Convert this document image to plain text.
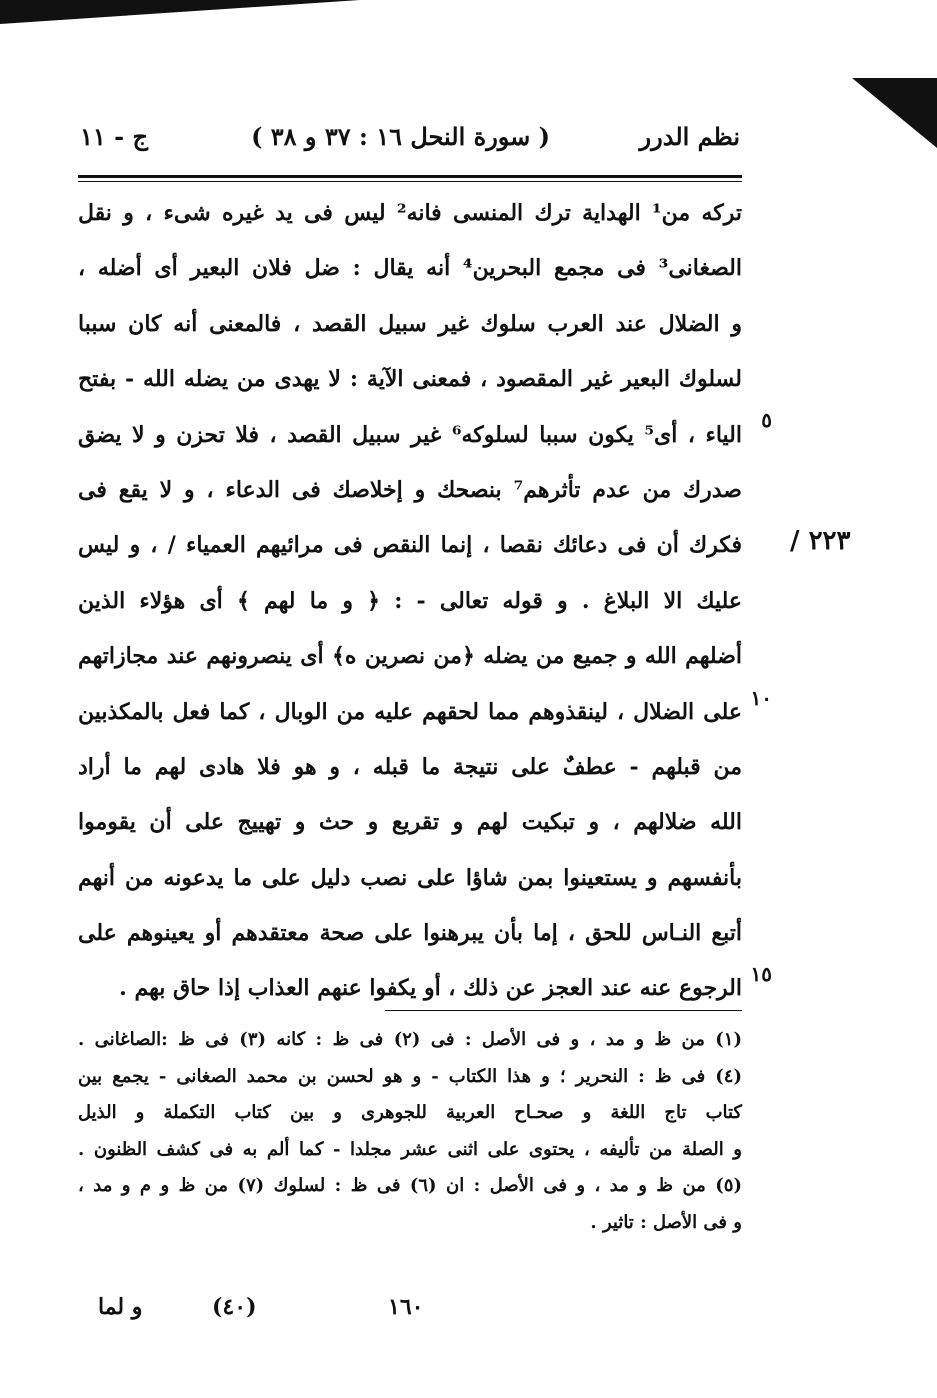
نظم الدرر
( سورة النحل ١٦ : ٣٧ و ٣٨ )
ج - ١١
تركه من¹ الهداية ترك المنسى فانه² ليس فى يد غيره شىء ، و نقل
الصغانى³ فى مجمع البحرين⁴ أنه يقال : ضل فلان البعير أى أضله ،
و الضلال عند العرب سلوك غير سبيل القصد ، فالمعنى أنه كان سببا
لسلوك البعير غير المقصود ، فمعنى الآية : لا يهدى من يضله الله - بفتح
الياء ، أى⁵ يكون سببا لسلوكه⁶ غير سبيل القصد ، فلا تحزن و لا يضق
صدرك من عدم تأثرهم⁷ بنصحك و إخلاصك فى الدعاء ، و لا يقع فى
فكرك أن فى دعائك نقصا ، إنما النقص فى مرائيهم العمياء / ، و ليس
عليك الا البلاغ . و قوله تعالى - : ﴿ و ما لهم ﴾ أى هؤلاء الذين
أضلهم الله و جميع من يضله ﴿من نصرين ه﴾ أى ينصرونهم عند مجازاتهم
على الضلال ، لينقذوهم مما لحقهم عليه من الوبال ، كما فعل بالمكذبين
من قبلهم - عطفٌ على نتيجة ما قبله ، و هو فلا هادى لهم ما أراد
الله ضلالهم ، و تبكيت لهم و تقريع و حث و تهييج على أن يقوموا
بأنفسهم و يستعينوا بمن شاؤا على نصب دليل على ما يدعونه من أنهم
أتبع النـاس للحق ، إما بأن يبرهنوا على صحة معتقدهم أو يعينوهم على
الرجوع عنه عند العجز عن ذلك ، أو يكفوا عنهم العذاب إذا حاق بهم .
٥
١٠
١٥
٢٢٣ /
(١) من ظ و مد ، و فى الأصل : فى (٢) فى ظ : كانه (٣) فى ظ :الصاغانى .
(٤) فى ظ : النحرير ؛ و هذا الكتاب - و هو لحسن بن محمد الصغانى - يجمع بين
كتاب تاج اللغة و صحـاح العربية للجوهرى و بين كتاب التكملة و الذيل
و الصلة من تأليفه ، يحتوى على اثنى عشر مجلدا - كما ألم به فى كشف الظنون .
(٥) من ظ و مد ، و فى الأصل : ان (٦) فى ظ : لسلوك (٧) من ظ و م و مد ،
و فى الأصل : تاثير .
١٦٠
(٤٠)
و لما
